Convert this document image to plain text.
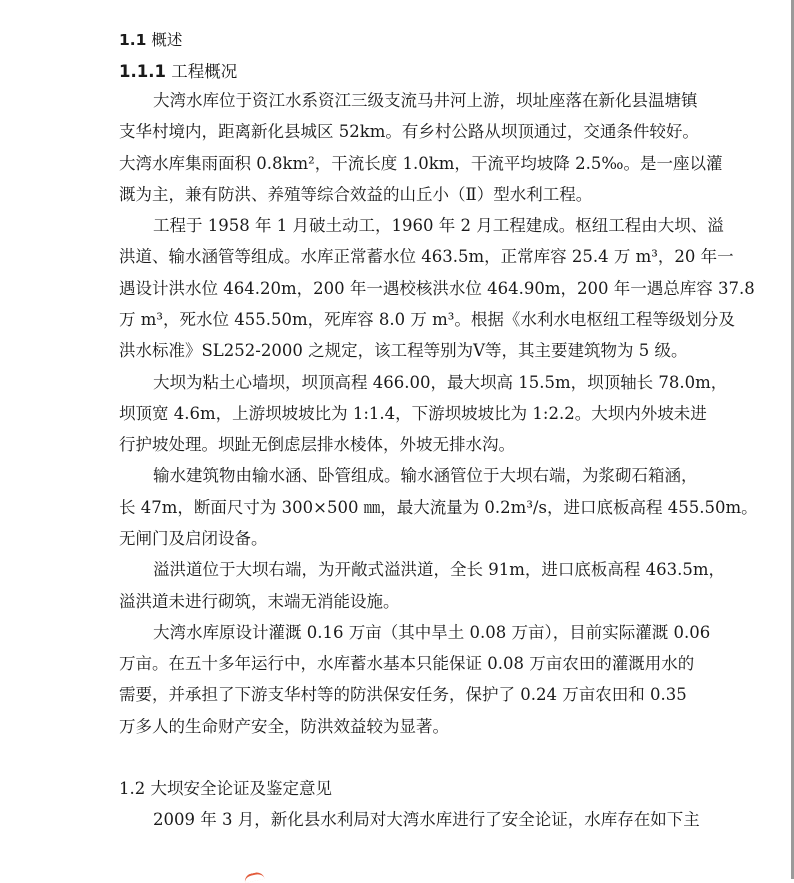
1.1 概述
1.1.1 工程概况
大湾水库位于资江水系资江三级支流马井河上游，坝址座落在新化县温塘镇
支华村境内，距离新化县城区 52km。有乡村公路从坝顶通过，交通条件较好。
大湾水库集雨面积 0.8km²，干流长度 1.0km，干流平均坡降 2.5‰。是一座以灌
溉为主，兼有防洪、养殖等综合效益的山丘小（Ⅱ）型水利工程。
工程于 1958 年 1 月破土动工，1960 年 2 月工程建成。枢纽工程由大坝、溢
洪道、输水涵管等组成。水库正常蓄水位 463.5m，正常库容 25.4 万 m³，20 年一
遇设计洪水位 464.20m，200 年一遇校核洪水位 464.90m，200 年一遇总库容 37.8
万 m³，死水位 455.50m，死库容 8.0 万 m³。根据《水利水电枢纽工程等级划分及
洪水标准》SL252-2000 之规定，该工程等别为Ⅴ等，其主要建筑物为 5 级。
大坝为粘土心墙坝，坝顶高程 466.00，最大坝高 15.5m，坝顶轴长 78.0m，
坝顶宽 4.6m，上游坝坡坡比为 1:1.4，下游坝坡坡比为 1:2.2。大坝内外坡未进
行护坡处理。坝趾无倒虑层排水棱体，外坡无排水沟。
输水建筑物由输水涵、卧管组成。输水涵管位于大坝右端，为浆砌石箱涵，
长 47m，断面尺寸为 300×500 ㎜，最大流量为 0.2m³/s，进口底板高程 455.50m。
无闸门及启闭设备。
溢洪道位于大坝右端，为开敞式溢洪道，全长 91m，进口底板高程 463.5m，
溢洪道未进行砌筑，末端无消能设施。
大湾水库原设计灌溉 0.16 万亩（其中旱土 0.08 万亩），目前实际灌溉 0.06
万亩。在五十多年运行中，水库蓄水基本只能保证 0.08 万亩农田的灌溉用水的
需要，并承担了下游支华村等的防洪保安任务，保护了 0.24 万亩农田和 0.35
万多人的生命财产安全，防洪效益较为显著。
1.2 大坝安全论证及鉴定意见
2009 年 3 月，新化县水利局对大湾水库进行了安全论证，水库存在如下主
